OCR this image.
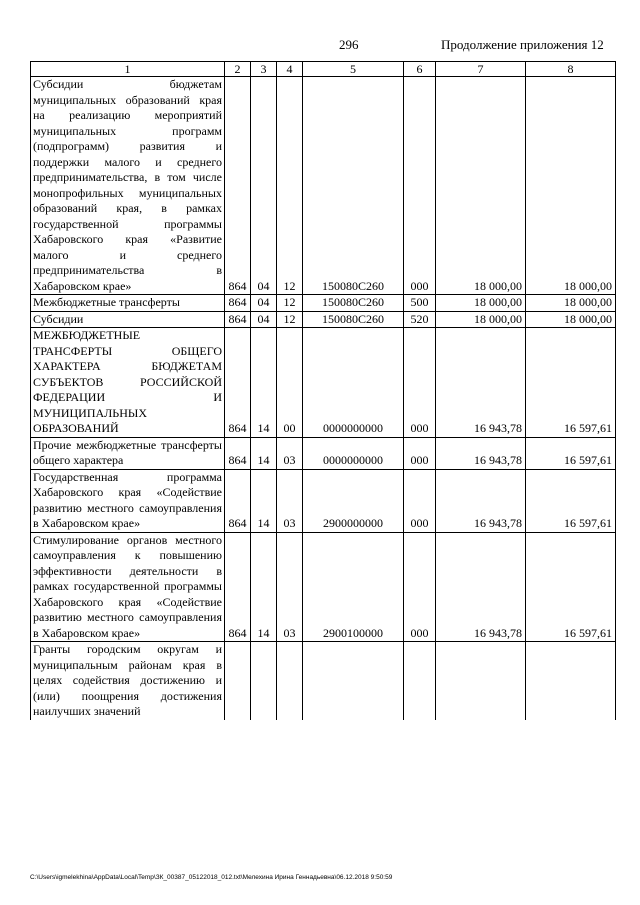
296	Продолжение приложения 12
1	2	3	4	5	6	7	8
Субсидии бюджетам муниципальных образований края на реализацию мероприятий муниципальных программ (подпрограмм) развития и поддержки малого и среднего предпринимательства, в том числе монопрофильных муниципальных образований края, в рамках государственной программы Хабаровского края «Развитие малого и среднего предпринимательства в Хабаровском крае»	864	04	12	150080С260	000	18 000,00	18 000,00
Межбюджетные трансферты	864	04	12	150080С260	500	18 000,00	18 000,00
Субсидии	864	04	12	150080С260	520	18 000,00	18 000,00
МЕЖБЮДЖЕТНЫЕ ТРАНСФЕРТЫ ОБЩЕГО ХАРАКТЕРА БЮДЖЕТАМ СУБЪЕКТОВ РОССИЙСКОЙ ФЕДЕРАЦИИ И МУНИЦИПАЛЬНЫХ ОБРАЗОВАНИЙ	864	14	00	0000000000	000	16 943,78	16 597,61
Прочие межбюджетные трансферты общего характера	864	14	03	0000000000	000	16 943,78	16 597,61
Государственная программа Хабаровского края «Содействие развитию местного самоуправления в Хабаровском крае»	864	14	03	2900000000	000	16 943,78	16 597,61
Стимулирование органов местного самоуправления к повышению эффективности деятельности в рамках государственной программы Хабаровского края «Содействие развитию местного самоуправления в Хабаровском крае»	864	14	03	2900100000	000	16 943,78	16 597,61
Гранты городским округам и муниципальным районам края в целях содействия достижению и (или) поощрения достижения наилучших значений							
C:\Users\igmelekhina\AppData\Local\Temp\ЗК_00387_05122018_012.txt\Мелехина Ирина Геннадьевна\06.12.2018 9:50:59
